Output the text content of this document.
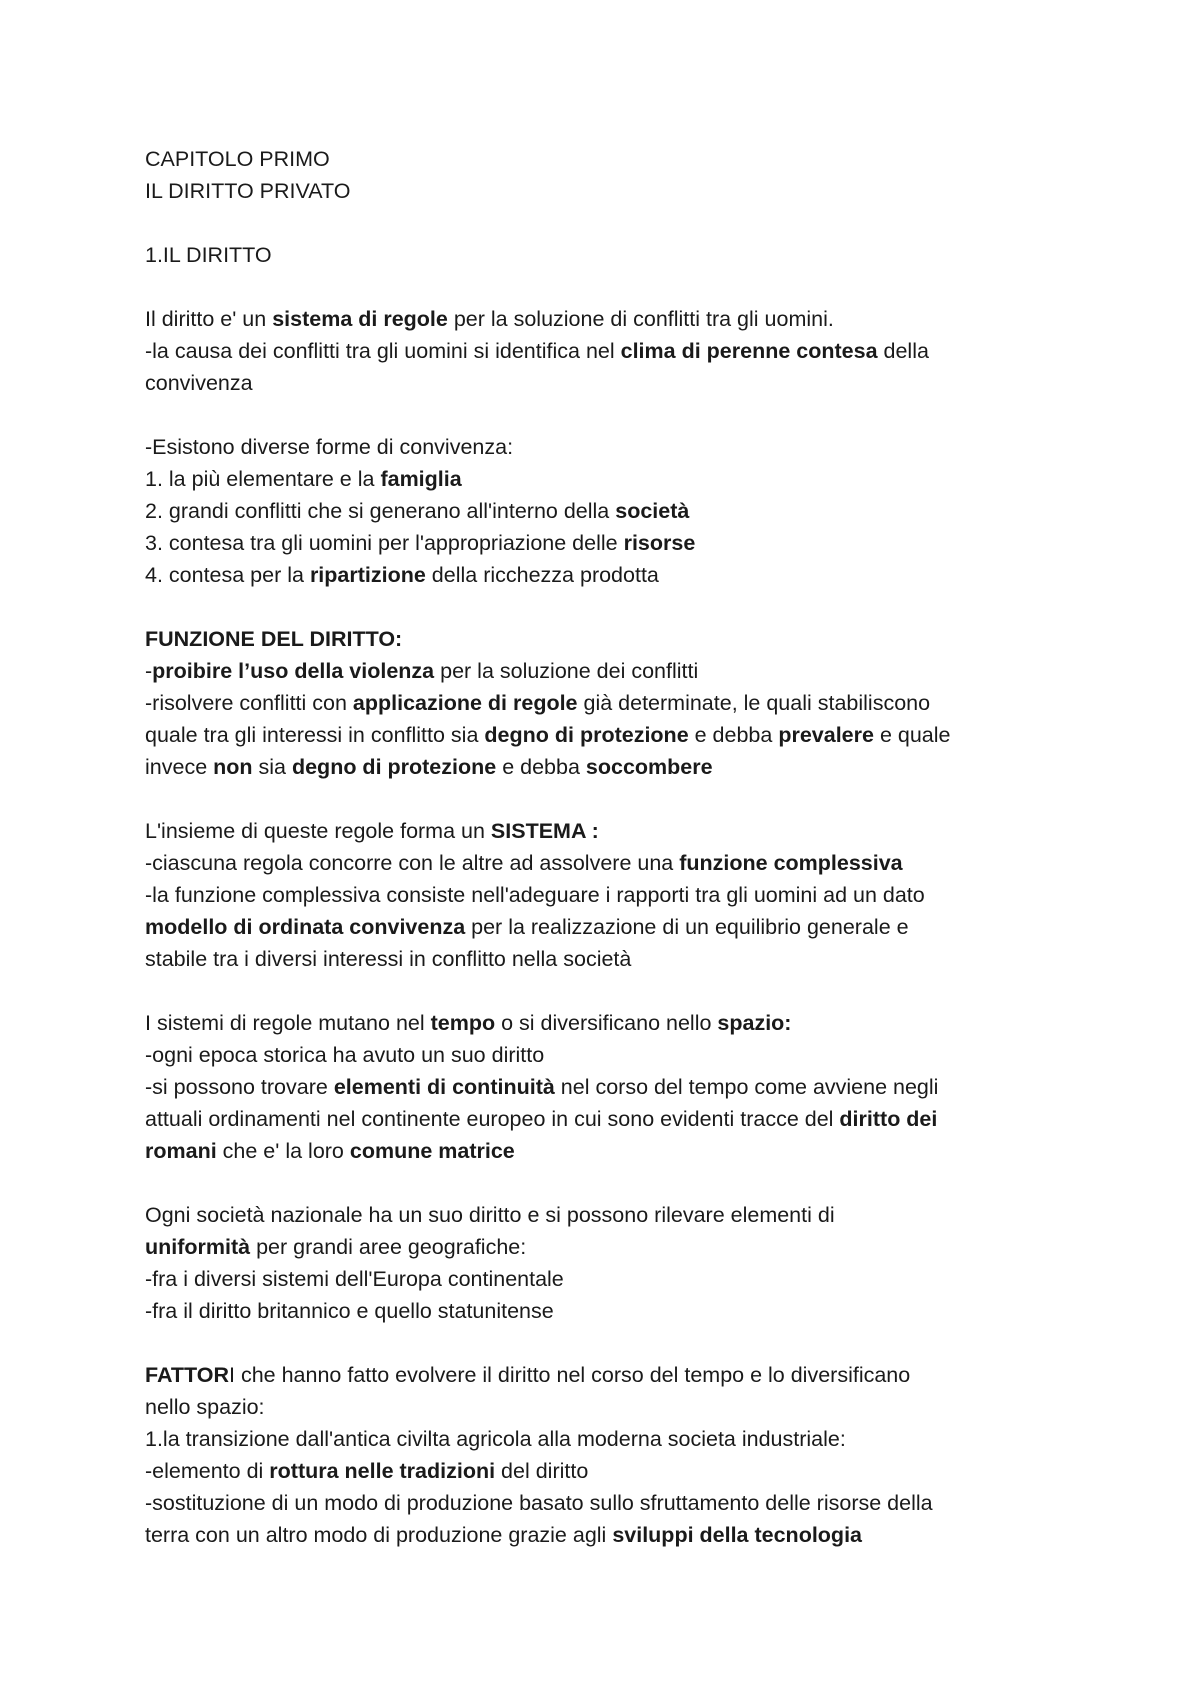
CAPITOLO PRIMO
IL DIRITTO PRIVATO
1.IL DIRITTO
Il diritto e' un sistema di regole per la soluzione di conflitti tra gli uomini.
-la causa dei conflitti tra gli uomini si identifica nel clima di perenne contesa della
convivenza
-Esistono diverse forme di convivenza:
1. la più elementare e la famiglia
2. grandi conflitti che si generano all'interno della società
3. contesa tra gli uomini per l'appropriazione delle risorse
4. contesa per la ripartizione della ricchezza prodotta
FUNZIONE DEL DIRITTO:
-proibire l’uso della violenza per la soluzione dei conflitti
-risolvere conflitti con applicazione di regole già determinate, le quali stabiliscono
quale tra gli interessi in conflitto sia degno di protezione e debba prevalere e quale
invece non sia degno di protezione e debba soccombere
L'insieme di queste regole forma un SISTEMA :
-ciascuna regola concorre con le altre ad assolvere una funzione complessiva
-la funzione complessiva consiste nell'adeguare i rapporti tra gli uomini ad un dato
modello di ordinata convivenza per la realizzazione di un equilibrio generale e
stabile tra i diversi interessi in conflitto nella società
I sistemi di regole mutano nel tempo o si diversificano nello spazio:
-ogni epoca storica ha avuto un suo diritto
-si possono trovare elementi di continuità nel corso del tempo come avviene negli
attuali ordinamenti nel continente europeo in cui sono evidenti tracce del diritto dei
romani che e' la loro comune matrice
Ogni società nazionale ha un suo diritto e si possono rilevare elementi di
uniformità per grandi aree geografiche:
-fra i diversi sistemi dell'Europa continentale
-fra il diritto britannico e quello statunitense
FATTORI che hanno fatto evolvere il diritto nel corso del tempo e lo diversificano
nello spazio:
1.la transizione dall'antica civilta agricola alla moderna societa industriale:
-elemento di rottura nelle tradizioni del diritto
-sostituzione di un modo di produzione basato sullo sfruttamento delle risorse della
terra con un altro modo di produzione grazie agli sviluppi della tecnologia
